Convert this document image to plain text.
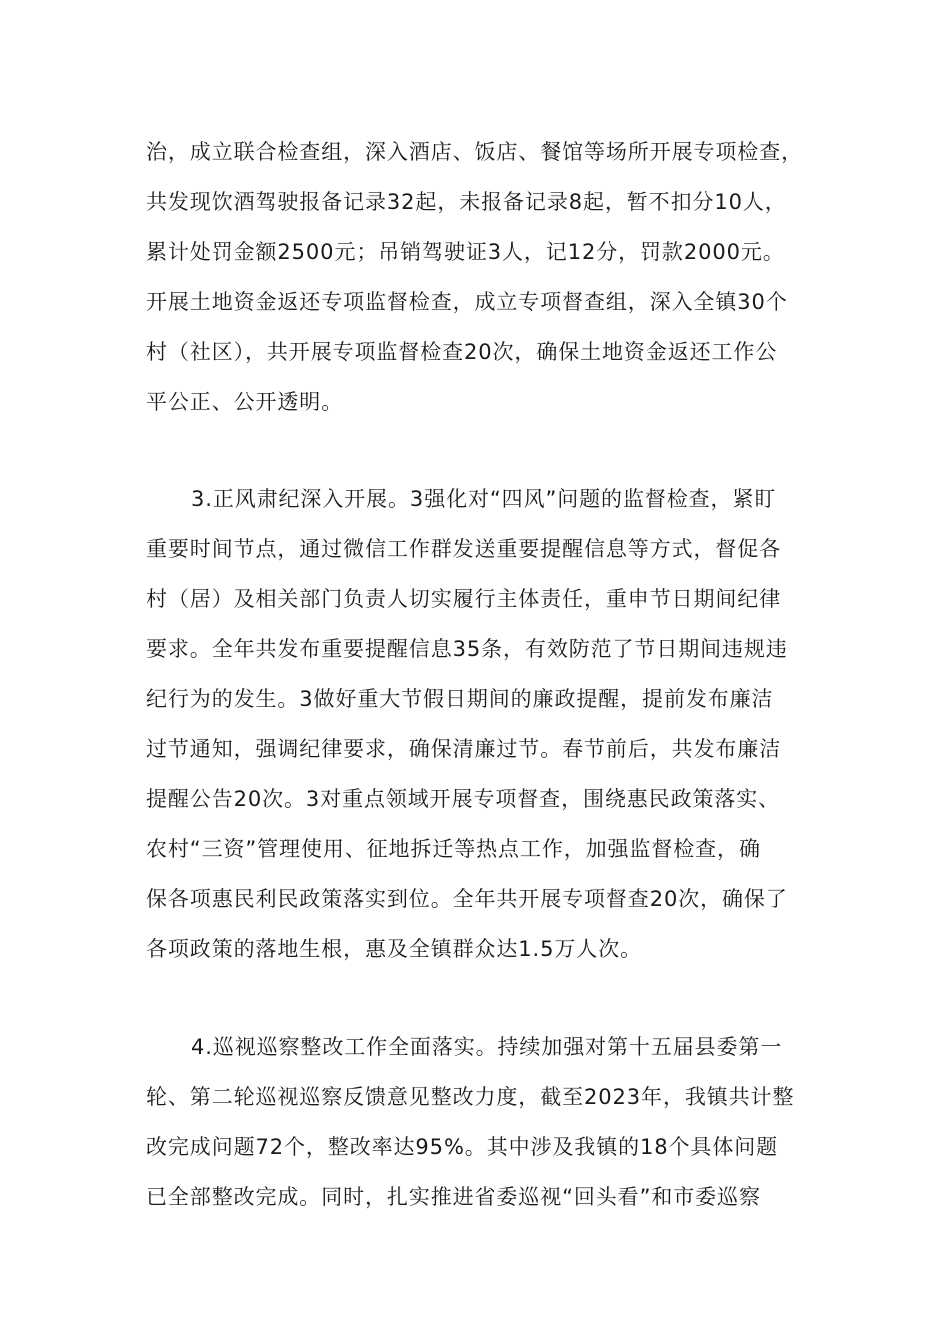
治，成立联合检查组，深入酒店、饭店、餐馆等场所开展专项检查，
共发现饮酒驾驶报备记录32起，未报备记录8起，暂不扣分10人，
累计处罚金额2500元；吊销驾驶证3人，记12分，罚款2000元。
开展土地资金返还专项监督检查，成立专项督查组，深入全镇30个
村（社区），共开展专项监督检查20次，确保土地资金返还工作公
平公正、公开透明。
3.正风肃纪深入开展。3强化对“四风”问题的监督检查，紧盯
重要时间节点，通过微信工作群发送重要提醒信息等方式，督促各
村（居）及相关部门负责人切实履行主体责任，重申节日期间纪律
要求。全年共发布重要提醒信息35条，有效防范了节日期间违规违
纪行为的发生。3做好重大节假日期间的廉政提醒，提前发布廉洁
过节通知，强调纪律要求，确保清廉过节。春节前后，共发布廉洁
提醒公告20次。3对重点领域开展专项督查，围绕惠民政策落实、
农村“三资”管理使用、征地拆迁等热点工作，加强监督检查，确
保各项惠民利民政策落实到位。全年共开展专项督查20次，确保了
各项政策的落地生根，惠及全镇群众达1.5万人次。
4.巡视巡察整改工作全面落实。持续加强对第十五届县委第一
轮、第二轮巡视巡察反馈意见整改力度，截至2023年，我镇共计整
改完成问题72个，整改率达95%。其中涉及我镇的18个具体问题
已全部整改完成。同时，扎实推进省委巡视“回头看”和市委巡察
